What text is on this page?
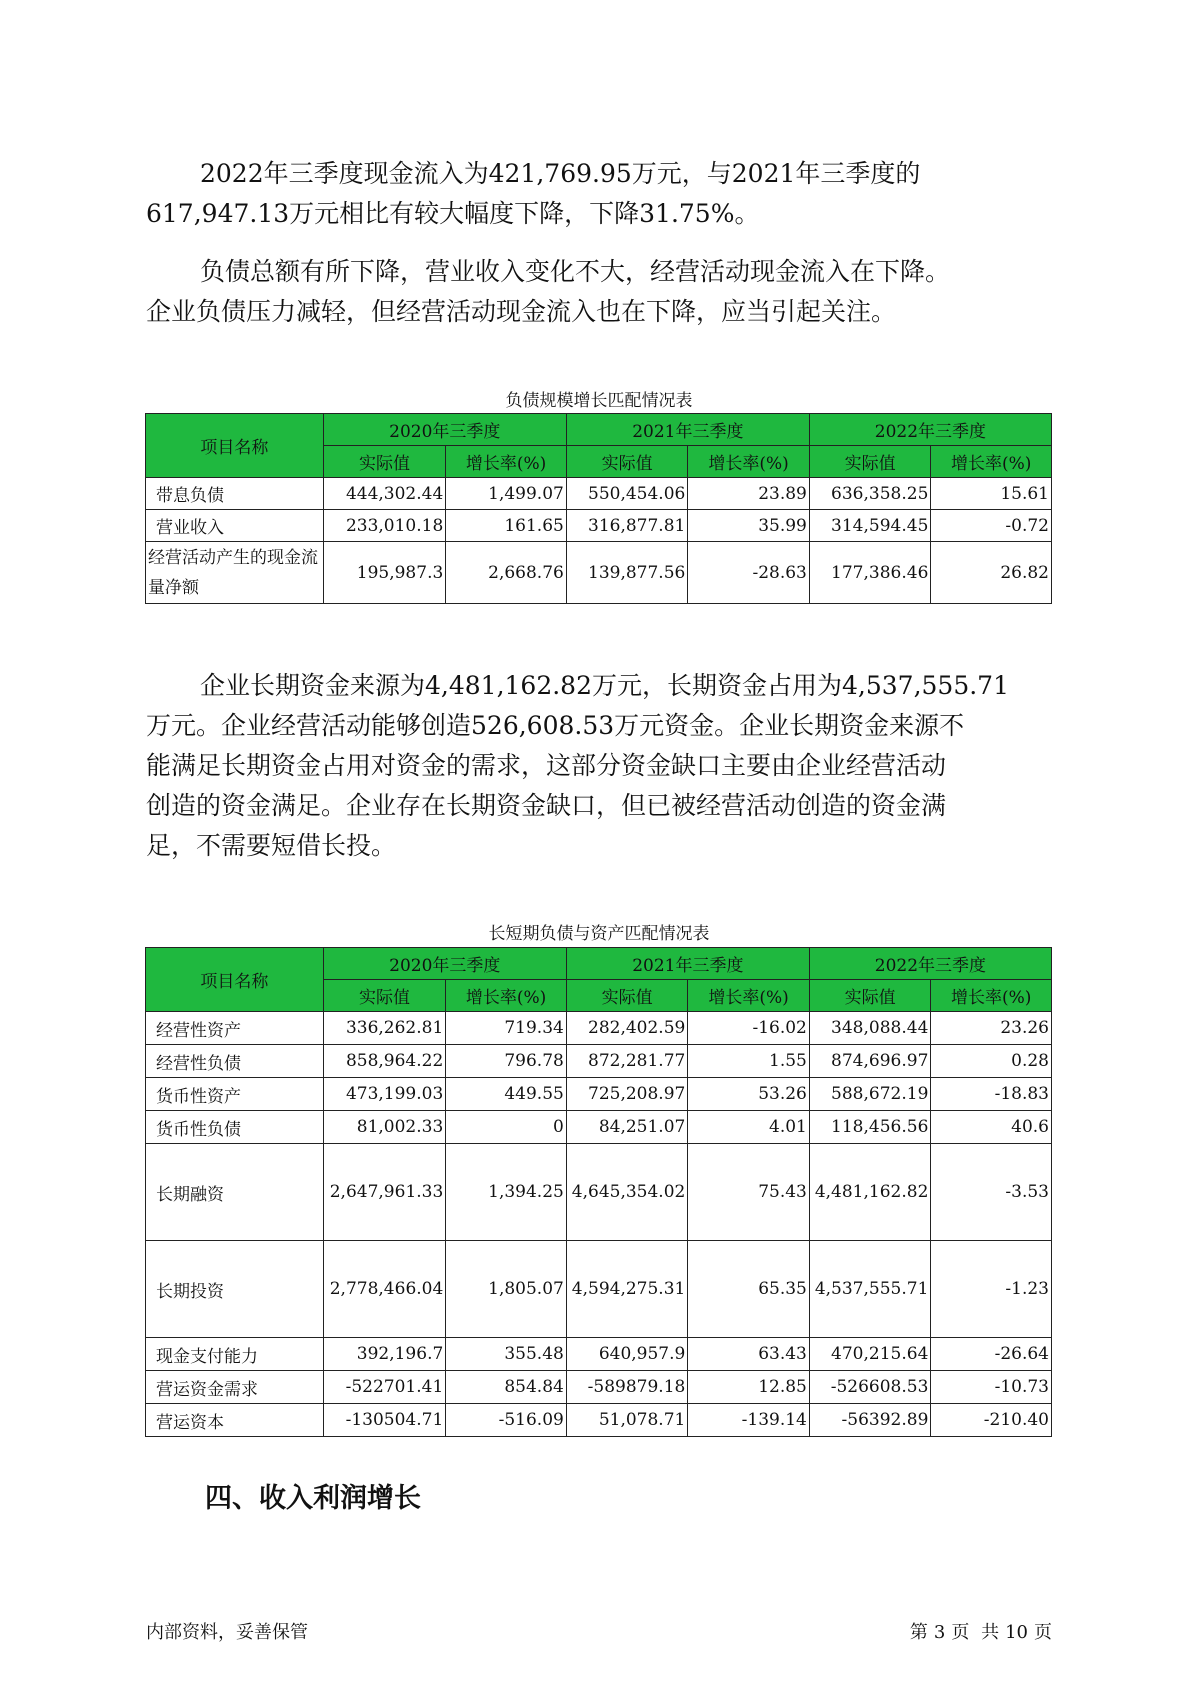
2022年三季度现金流入为421,769.95万元，与2021年三季度的
617,947.13万元相比有较大幅度下降，下降31.75%。

负债总额有所下降，营业收入变化不大，经营活动现金流入在下降。
企业负债压力减轻，但经营活动现金流入也在下降，应当引起关注。

负债规模增长匹配情况表
项目名称	2020年三季度		2021年三季度		2022年三季度	
	实际值	增长率(%)	实际值	增长率(%)	实际值	增长率(%)
带息负债	444,302.44	1,499.07	550,454.06	23.89	636,358.25	15.61
营业收入	233,010.18	161.65	316,877.81	35.99	314,594.45	-0.72
经营活动产生的现金流量净额	195,987.3	2,668.76	139,877.56	-28.63	177,386.46	26.82

企业长期资金来源为4,481,162.82万元，长期资金占用为4,537,555.71
万元。企业经营活动能够创造526,608.53万元资金。企业长期资金来源不
能满足长期资金占用对资金的需求，这部分资金缺口主要由企业经营活动
创造的资金满足。企业存在长期资金缺口，但已被经营活动创造的资金满
足，不需要短借长投。

长短期负债与资产匹配情况表
项目名称	2020年三季度		2021年三季度		2022年三季度	
	实际值	增长率(%)	实际值	增长率(%)	实际值	增长率(%)
经营性资产	336,262.81	719.34	282,402.59	-16.02	348,088.44	23.26
经营性负债	858,964.22	796.78	872,281.77	1.55	874,696.97	0.28
货币性资产	473,199.03	449.55	725,208.97	53.26	588,672.19	-18.83
货币性负债	81,002.33	0	84,251.07	4.01	118,456.56	40.6
长期融资	2,647,961.33	1,394.25	4,645,354.02	75.43	4,481,162.82	-3.53
长期投资	2,778,466.04	1,805.07	4,594,275.31	65.35	4,537,555.71	-1.23
现金支付能力	392,196.7	355.48	640,957.9	63.43	470,215.64	-26.64
营运资金需求	-522701.41	854.84	-589879.18	12.85	-526608.53	-10.73
营运资本	-130504.71	-516.09	51,078.71	-139.14	-56392.89	-210.40
四、收入利润增长
内部资料，妥善保管	第 3 页 共 10 页
